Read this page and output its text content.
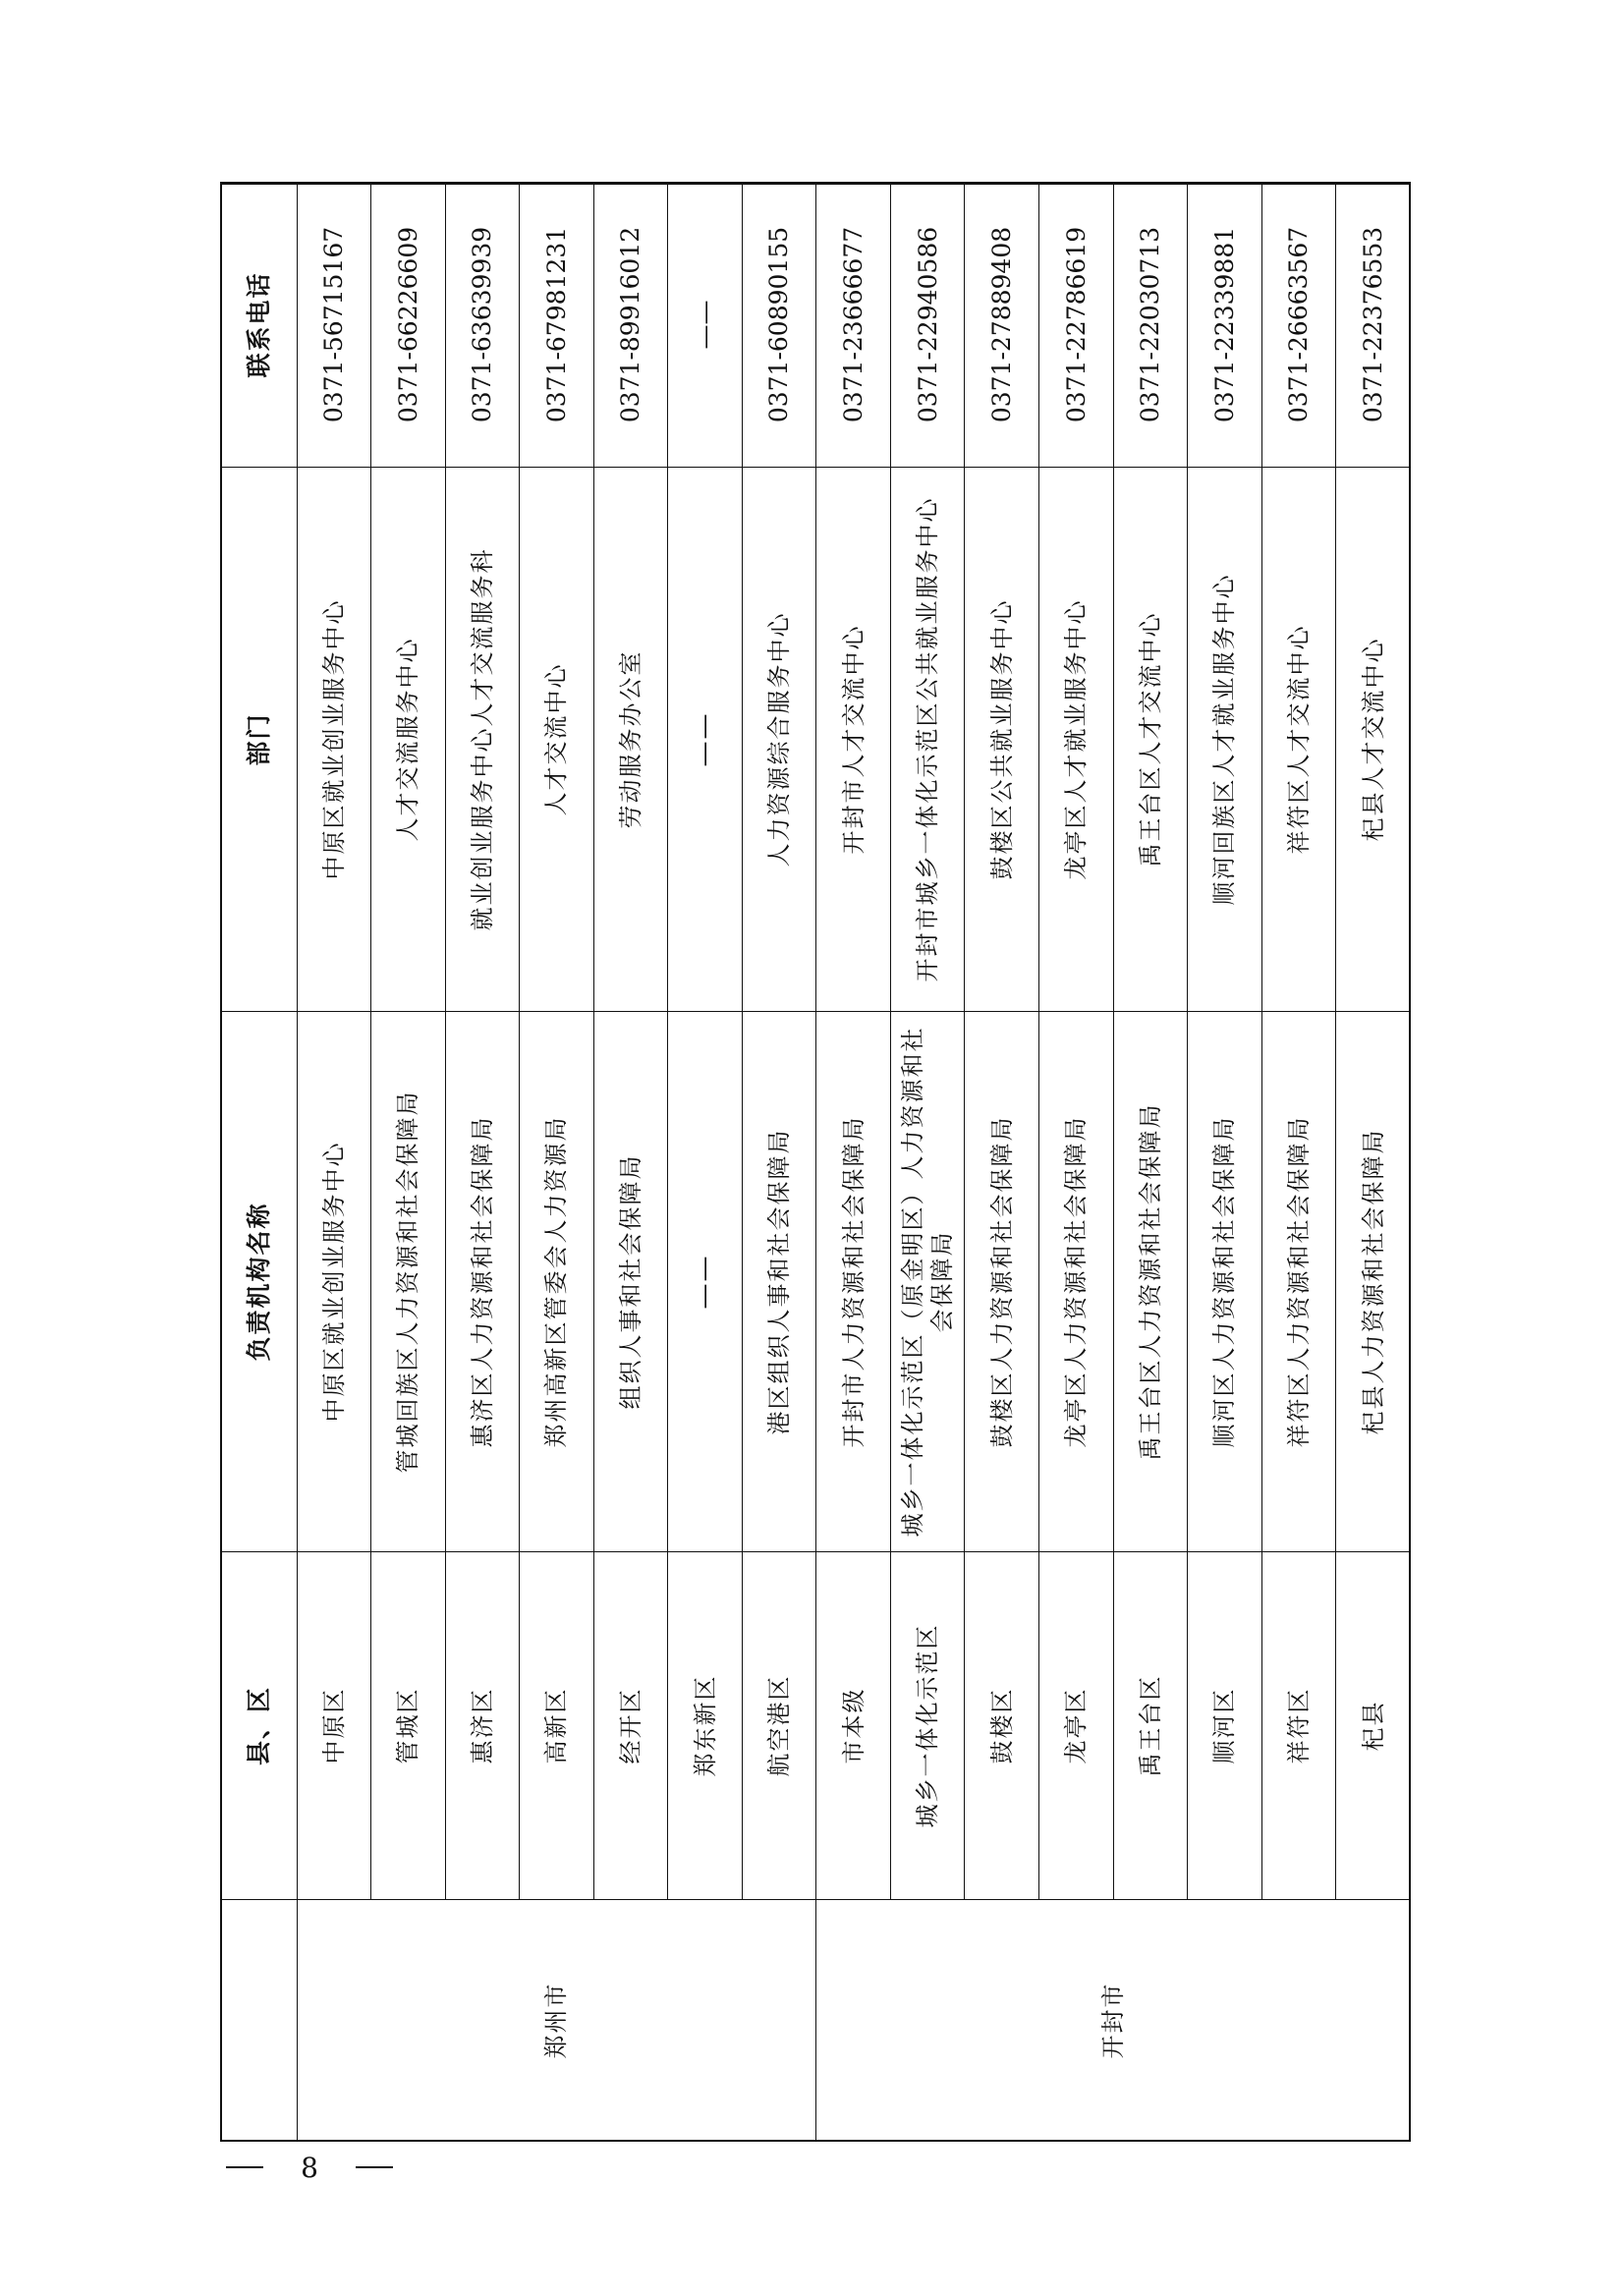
	县、区	负责机构名称	部门	联系电话
郑州市	中原区	中原区就业创业服务中心	中原区就业创业服务中心	0371-56715167
	管城区	管城回族区人力资源和社会保障局	人才交流服务中心	0371-66226609
	惠济区	惠济区人力资源和社会保障局	就业创业服务中心人才交流服务科	0371-63639939
	高新区	郑州高新区管委会人力资源局	人才交流中心	0371-67981231
	经开区	组织人事和社会保障局	劳动服务办公室	0371-89916012
	郑东新区	——	——	——
	航空港区	港区组织人事和社会保障局	人力资源综合服务中心	0371-60890155
开封市	市本级	开封市人力资源和社会保障局	开封市人才交流中心	0371-23666677
	城乡一体化示范区	城乡一体化示范区（原金明区）人力资源和社会保障局	开封市城乡一体化示范区公共就业服务中心	0371-22940586
	鼓楼区	鼓楼区人力资源和社会保障局	鼓楼区公共就业服务中心	0371-27889408
	龙亭区	龙亭区人力资源和社会保障局	龙亭区人才就业服务中心	0371-22786619
	禹王台区	禹王台区人力资源和社会保障局	禹王台区人才交流中心	0371-22030713
	顺河区	顺河区人力资源和社会保障局	顺河回族区人才就业服务中心	0371-22339881
	祥符区	祥符区人力资源和社会保障局	祥符区人才交流中心	0371-26663567
	杞县	杞县人力资源和社会保障局	杞县人才交流中心	0371-22376553
8
